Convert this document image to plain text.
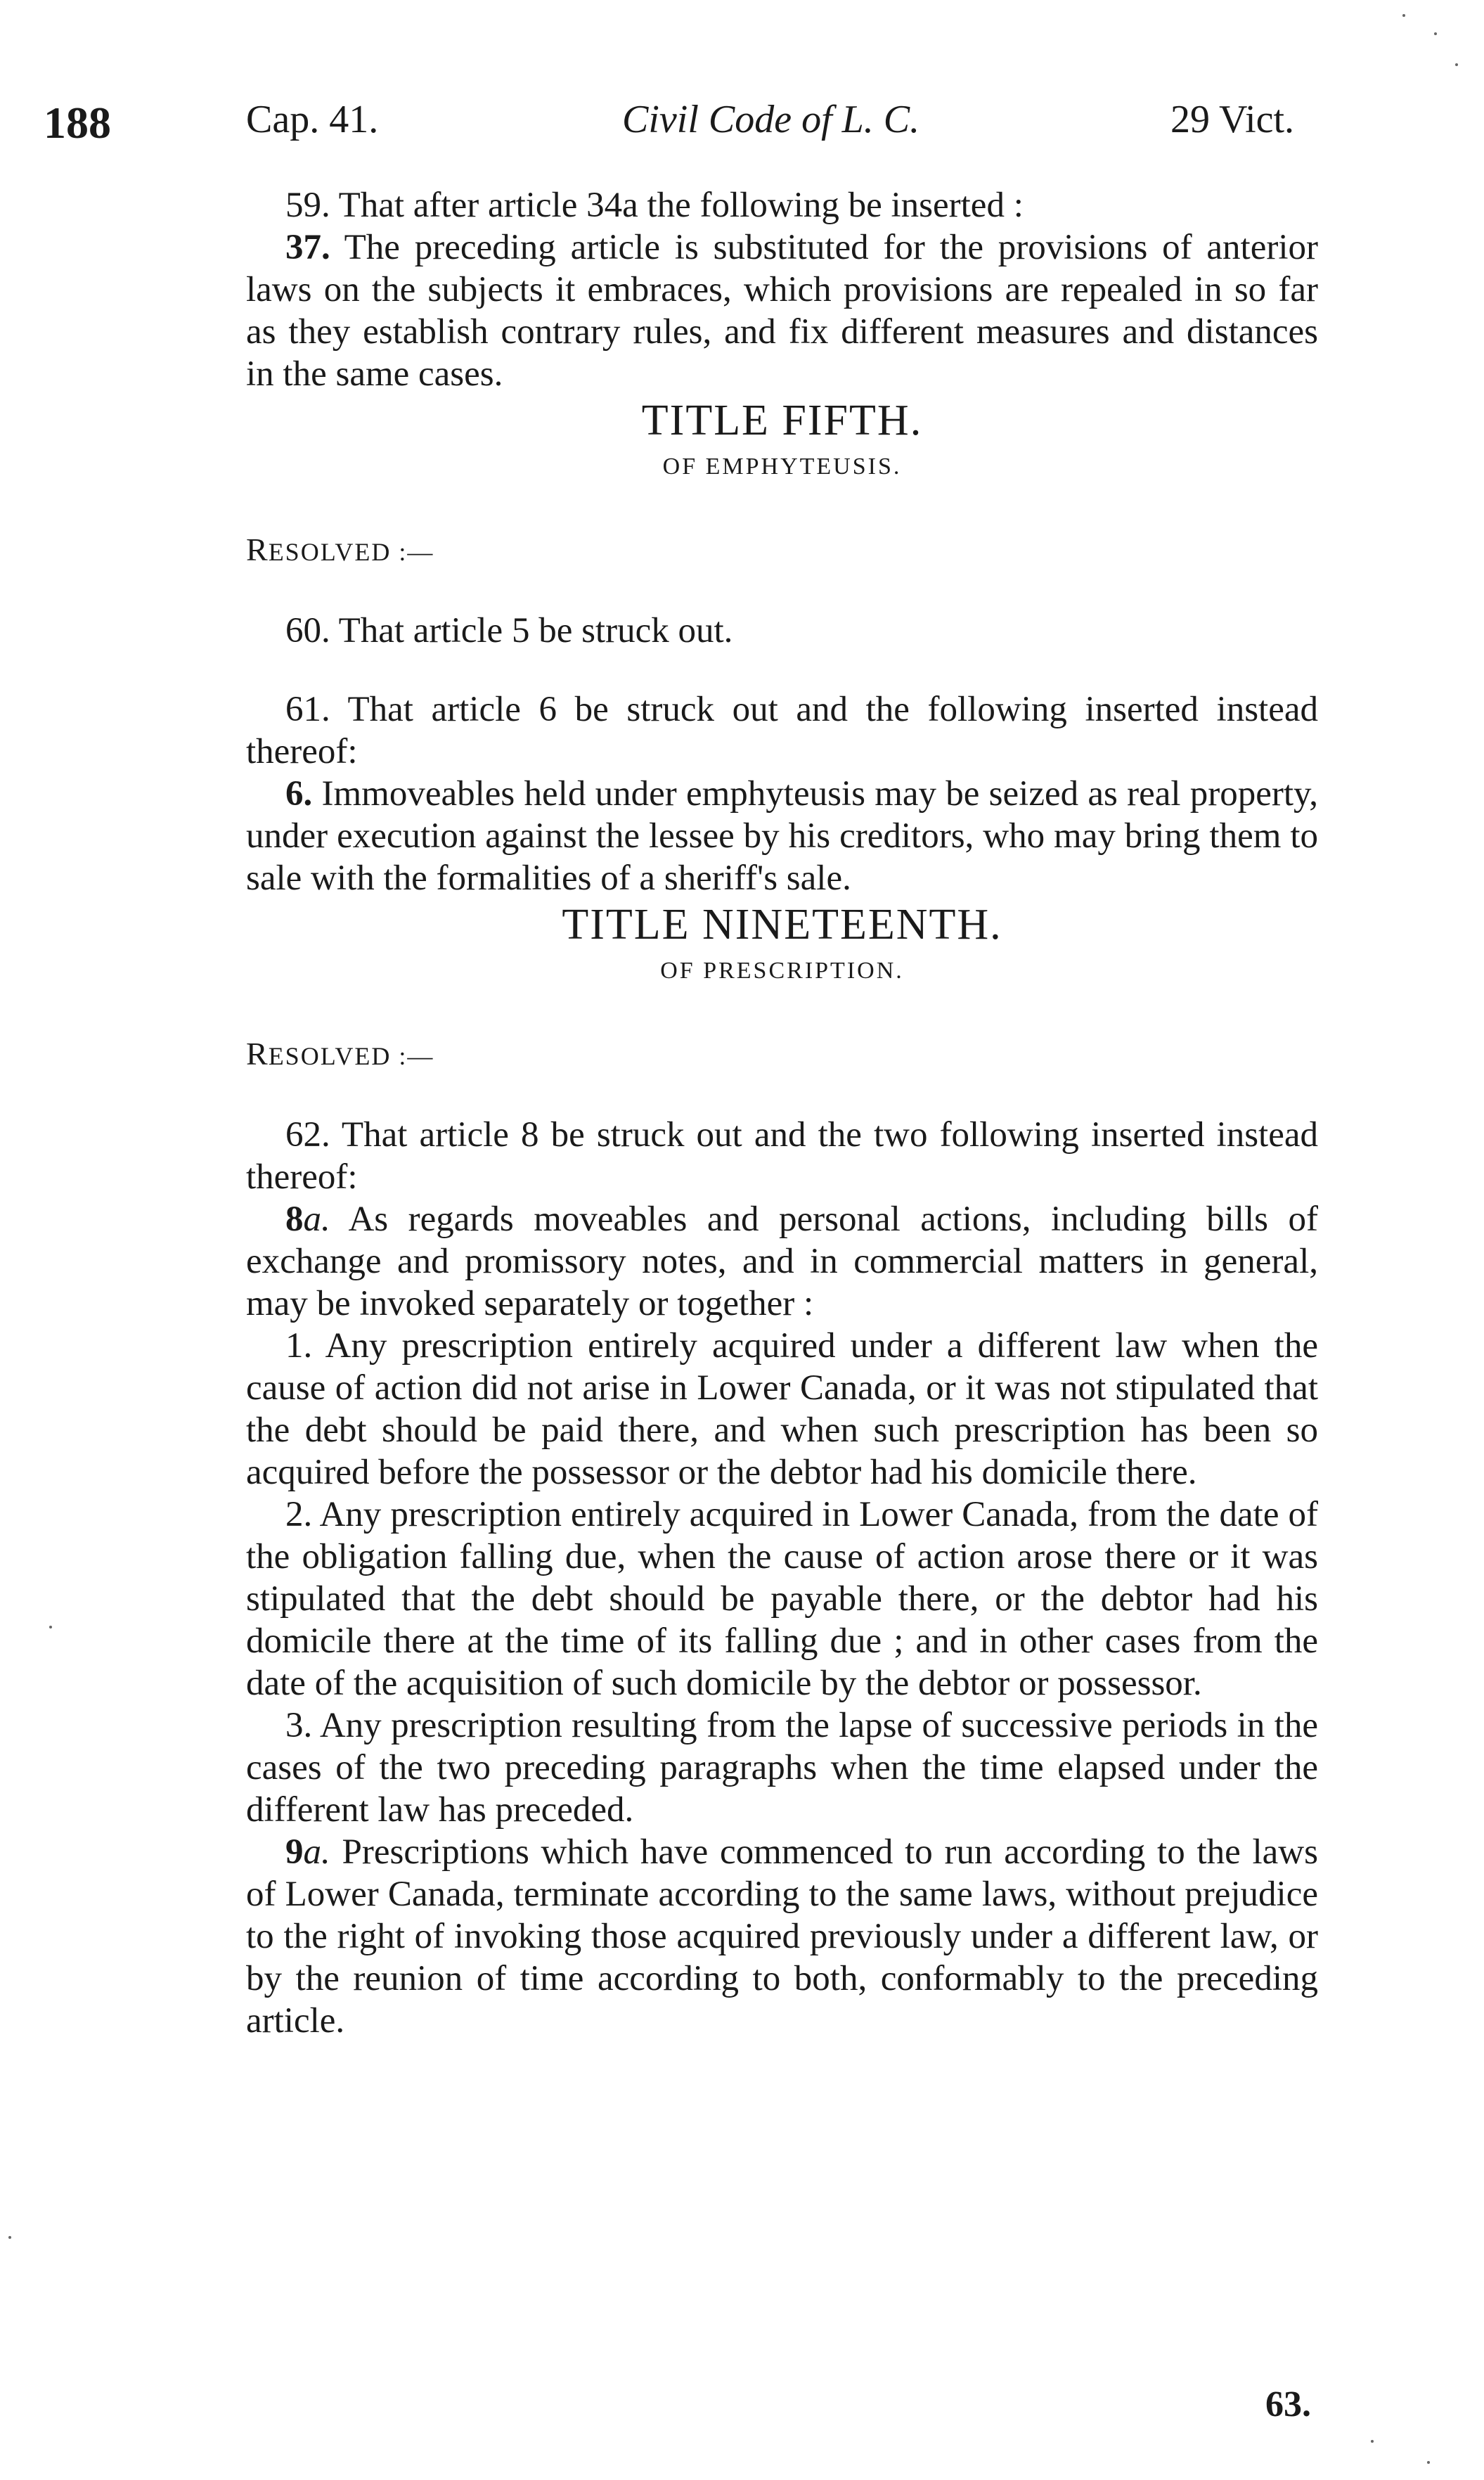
188	Cap. 41.	Civil Code of L. C.	29 Vict.

59. That after article 34a the following be inserted :

37. The preceding article is substituted for the provisions of anterior laws on the subjects it embraces, which provisions are repealed in so far as they establish contrary rules, and fix different measures and distances in the same cases.

TITLE FIFTH.

OF EMPHYTEUSIS.

RESOLVED :—

60. That article 5 be struck out.

61. That article 6 be struck out and the following inserted instead thereof:

6. Immoveables held under emphyteusis may be seized as real property, under execution against the lessee by his creditors, who may bring them to sale with the formalities of a sheriff's sale.

TITLE NINETEENTH.

OF PRESCRIPTION.

RESOLVED :—

62. That article 8 be struck out and the two following inserted instead thereof:

8a. As regards moveables and personal actions, including bills of exchange and promissory notes, and in commercial matters in general, may be invoked separately or together :

1. Any prescription entirely acquired under a different law when the cause of action did not arise in Lower Canada, or it was not stipulated that the debt should be paid there, and when such prescription has been so acquired before the possessor or the debtor had his domicile there.

2. Any prescription entirely acquired in Lower Canada, from the date of the obligation falling due, when the cause of action arose there or it was stipulated that the debt should be payable there, or the debtor had his domicile there at the time of its falling due ; and in other cases from the date of the acquisition of such domicile by the debtor or possessor.

3. Any prescription resulting from the lapse of successive periods in the cases of the two preceding paragraphs when the time elapsed under the different law has preceded.

9a. Prescriptions which have commenced to run according to the laws of Lower Canada, terminate according to the same laws, without prejudice to the right of invoking those acquired previously under a different law, or by the reunion of time according to both, conformably to the preceding article.

63.
